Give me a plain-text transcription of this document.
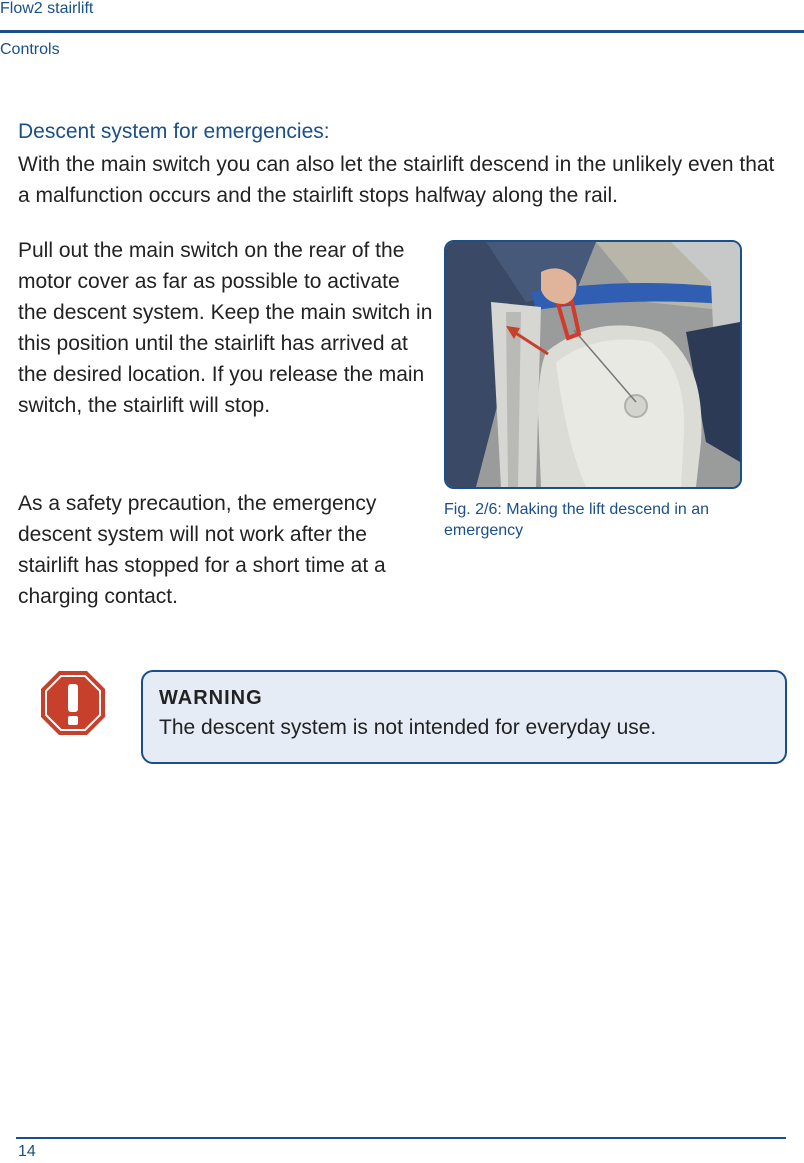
Flow2 stairlift
Controls
Descent system for emergencies:
With the main switch you can also let the stairlift descend in the unlikely even that a malfunction occurs and the stairlift stops halfway along the rail.
Pull out the main switch on the rear of the motor cover as far as possible to activate the descent system. Keep the main switch in this position until the stairlift has arrived at the desired location. If you release the main switch, the stairlift will stop.
As a safety precaution, the emergency descent system will not work after the stairlift has stopped for a short time at a charging contact.
Fig. 2/6: Making the lift descend in an emergency
WARNING
The descent system is not intended for everyday use.
14
